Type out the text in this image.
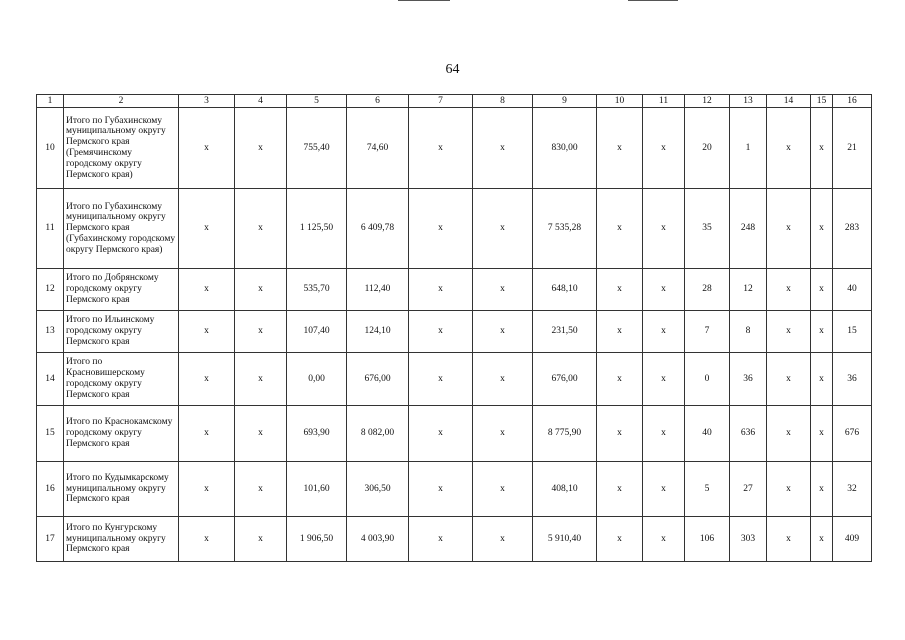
64
1	2	3	4	5	6	7	8	9	10	11	12	13	14	15	16
10	Итого по Губахинскому муниципальному округу Пермского края (Гремячинскому городскому округу Пермского края)	x	x	755,40	74,60	x	x	830,00	x	x	20	1	x	x	21
11	Итого по Губахинскому муниципальному округу Пермского края (Губахинскому городскому округу Пермского края)	x	x	1 125,50	6 409,78	x	x	7 535,28	x	x	35	248	x	x	283
12	Итого по Добрянскому городскому округу Пермского края	x	x	535,70	112,40	x	x	648,10	x	x	28	12	x	x	40
13	Итого по Ильинскому городскому округу Пермского края	x	x	107,40	124,10	x	x	231,50	x	x	7	8	x	x	15
14	Итого по Красновишерскому городскому округу Пермского края	x	x	0,00	676,00	x	x	676,00	x	x	0	36	x	x	36
15	Итого по Краснокамскому городскому округу Пермского края	x	x	693,90	8 082,00	x	x	8 775,90	x	x	40	636	x	x	676
16	Итого по Кудымкарскому муниципальному округу Пермского края	x	x	101,60	306,50	x	x	408,10	x	x	5	27	x	x	32
17	Итого по Кунгурскому муниципальному округу Пермского края	x	x	1 906,50	4 003,90	x	x	5 910,40	x	x	106	303	x	x	409
